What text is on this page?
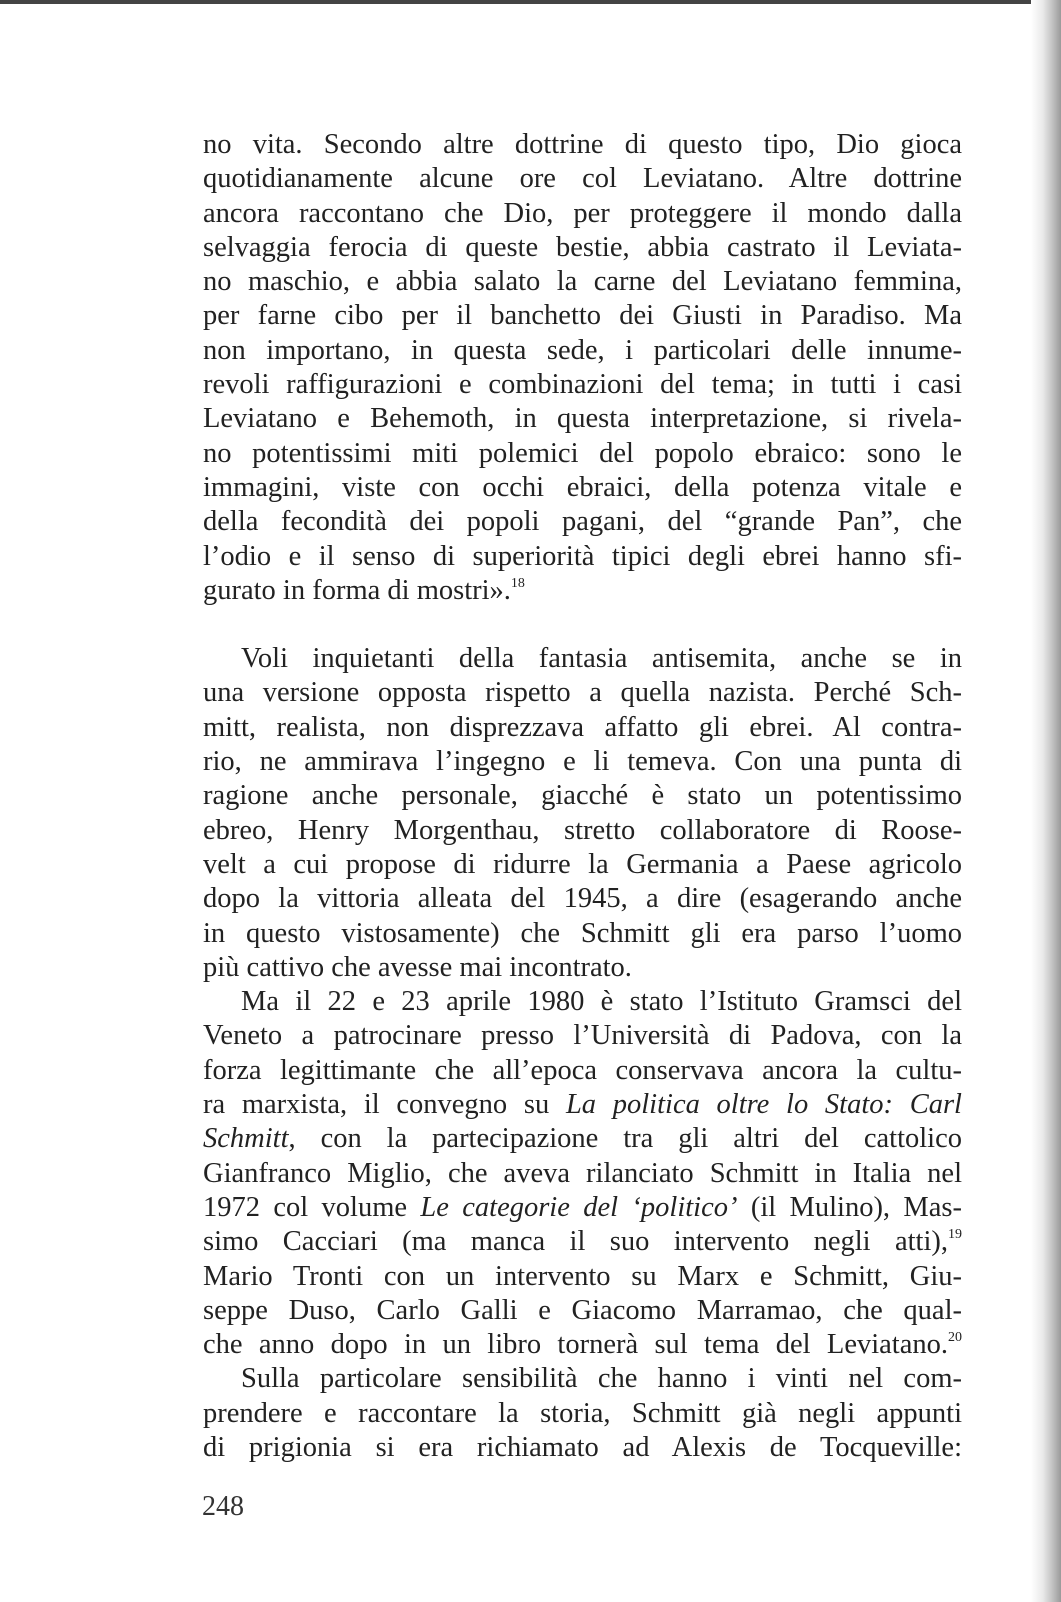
no vita. Secondo altre dottrine di questo tipo, Dio gioca
quotidianamente alcune ore col Leviatano. Altre dottrine
ancora raccontano che Dio, per proteggere il mondo dalla
selvaggia ferocia di queste bestie, abbia castrato il Leviata-
no maschio, e abbia salato la carne del Leviatano femmina,
per farne cibo per il banchetto dei Giusti in Paradiso. Ma
non importano, in questa sede, i particolari delle innume-
revoli raffigurazioni e combinazioni del tema; in tutti i casi
Leviatano e Behemoth, in questa interpretazione, si rivela-
no potentissimi miti polemici del popolo ebraico: sono le
immagini, viste con occhi ebraici, della potenza vitale e
della fecondità dei popoli pagani, del “grande Pan”, che
l’odio e il senso di superiorità tipici degli ebrei hanno sfi-
gurato in forma di mostri».$^{18}$
Voli inquietanti della fantasia antisemita, anche se in
una versione opposta rispetto a quella nazista. Perché Sch-
mitt, realista, non disprezzava affatto gli ebrei. Al contra-
rio, ne ammirava l’ingegno e li temeva. Con una punta di
ragione anche personale, giacché è stato un potentissimo
ebreo, Henry Morgenthau, stretto collaboratore di Roose-
velt a cui propose di ridurre la Germania a Paese agricolo
dopo la vittoria alleata del 1945, a dire (esagerando anche
in questo vistosamente) che Schmitt gli era parso l’uomo
più cattivo che avesse mai incontrato.
Ma il 22 e 23 aprile 1980 è stato l’Istituto Gramsci del
Veneto a patrocinare presso l’Università di Padova, con la
forza legittimante che all’epoca conservava ancora la cultu-
ra marxista, il convegno su La politica oltre lo Stato: Carl
Schmitt, con la partecipazione tra gli altri del cattolico
Gianfranco Miglio, che aveva rilanciato Schmitt in Italia nel
1972 col volume Le categorie del ‘politico’ (il Mulino), Mas-
simo Cacciari (ma manca il suo intervento negli atti),$^{19}$
Mario Tronti con un intervento su Marx e Schmitt, Giu-
seppe Duso, Carlo Galli e Giacomo Marramao, che qual-
che anno dopo in un libro tornerà sul tema del Leviatano.$^{20}$
Sulla particolare sensibilità che hanno i vinti nel com-
prendere e raccontare la storia, Schmitt già negli appunti
di prigionia si era richiamato ad Alexis de Tocqueville:
248
